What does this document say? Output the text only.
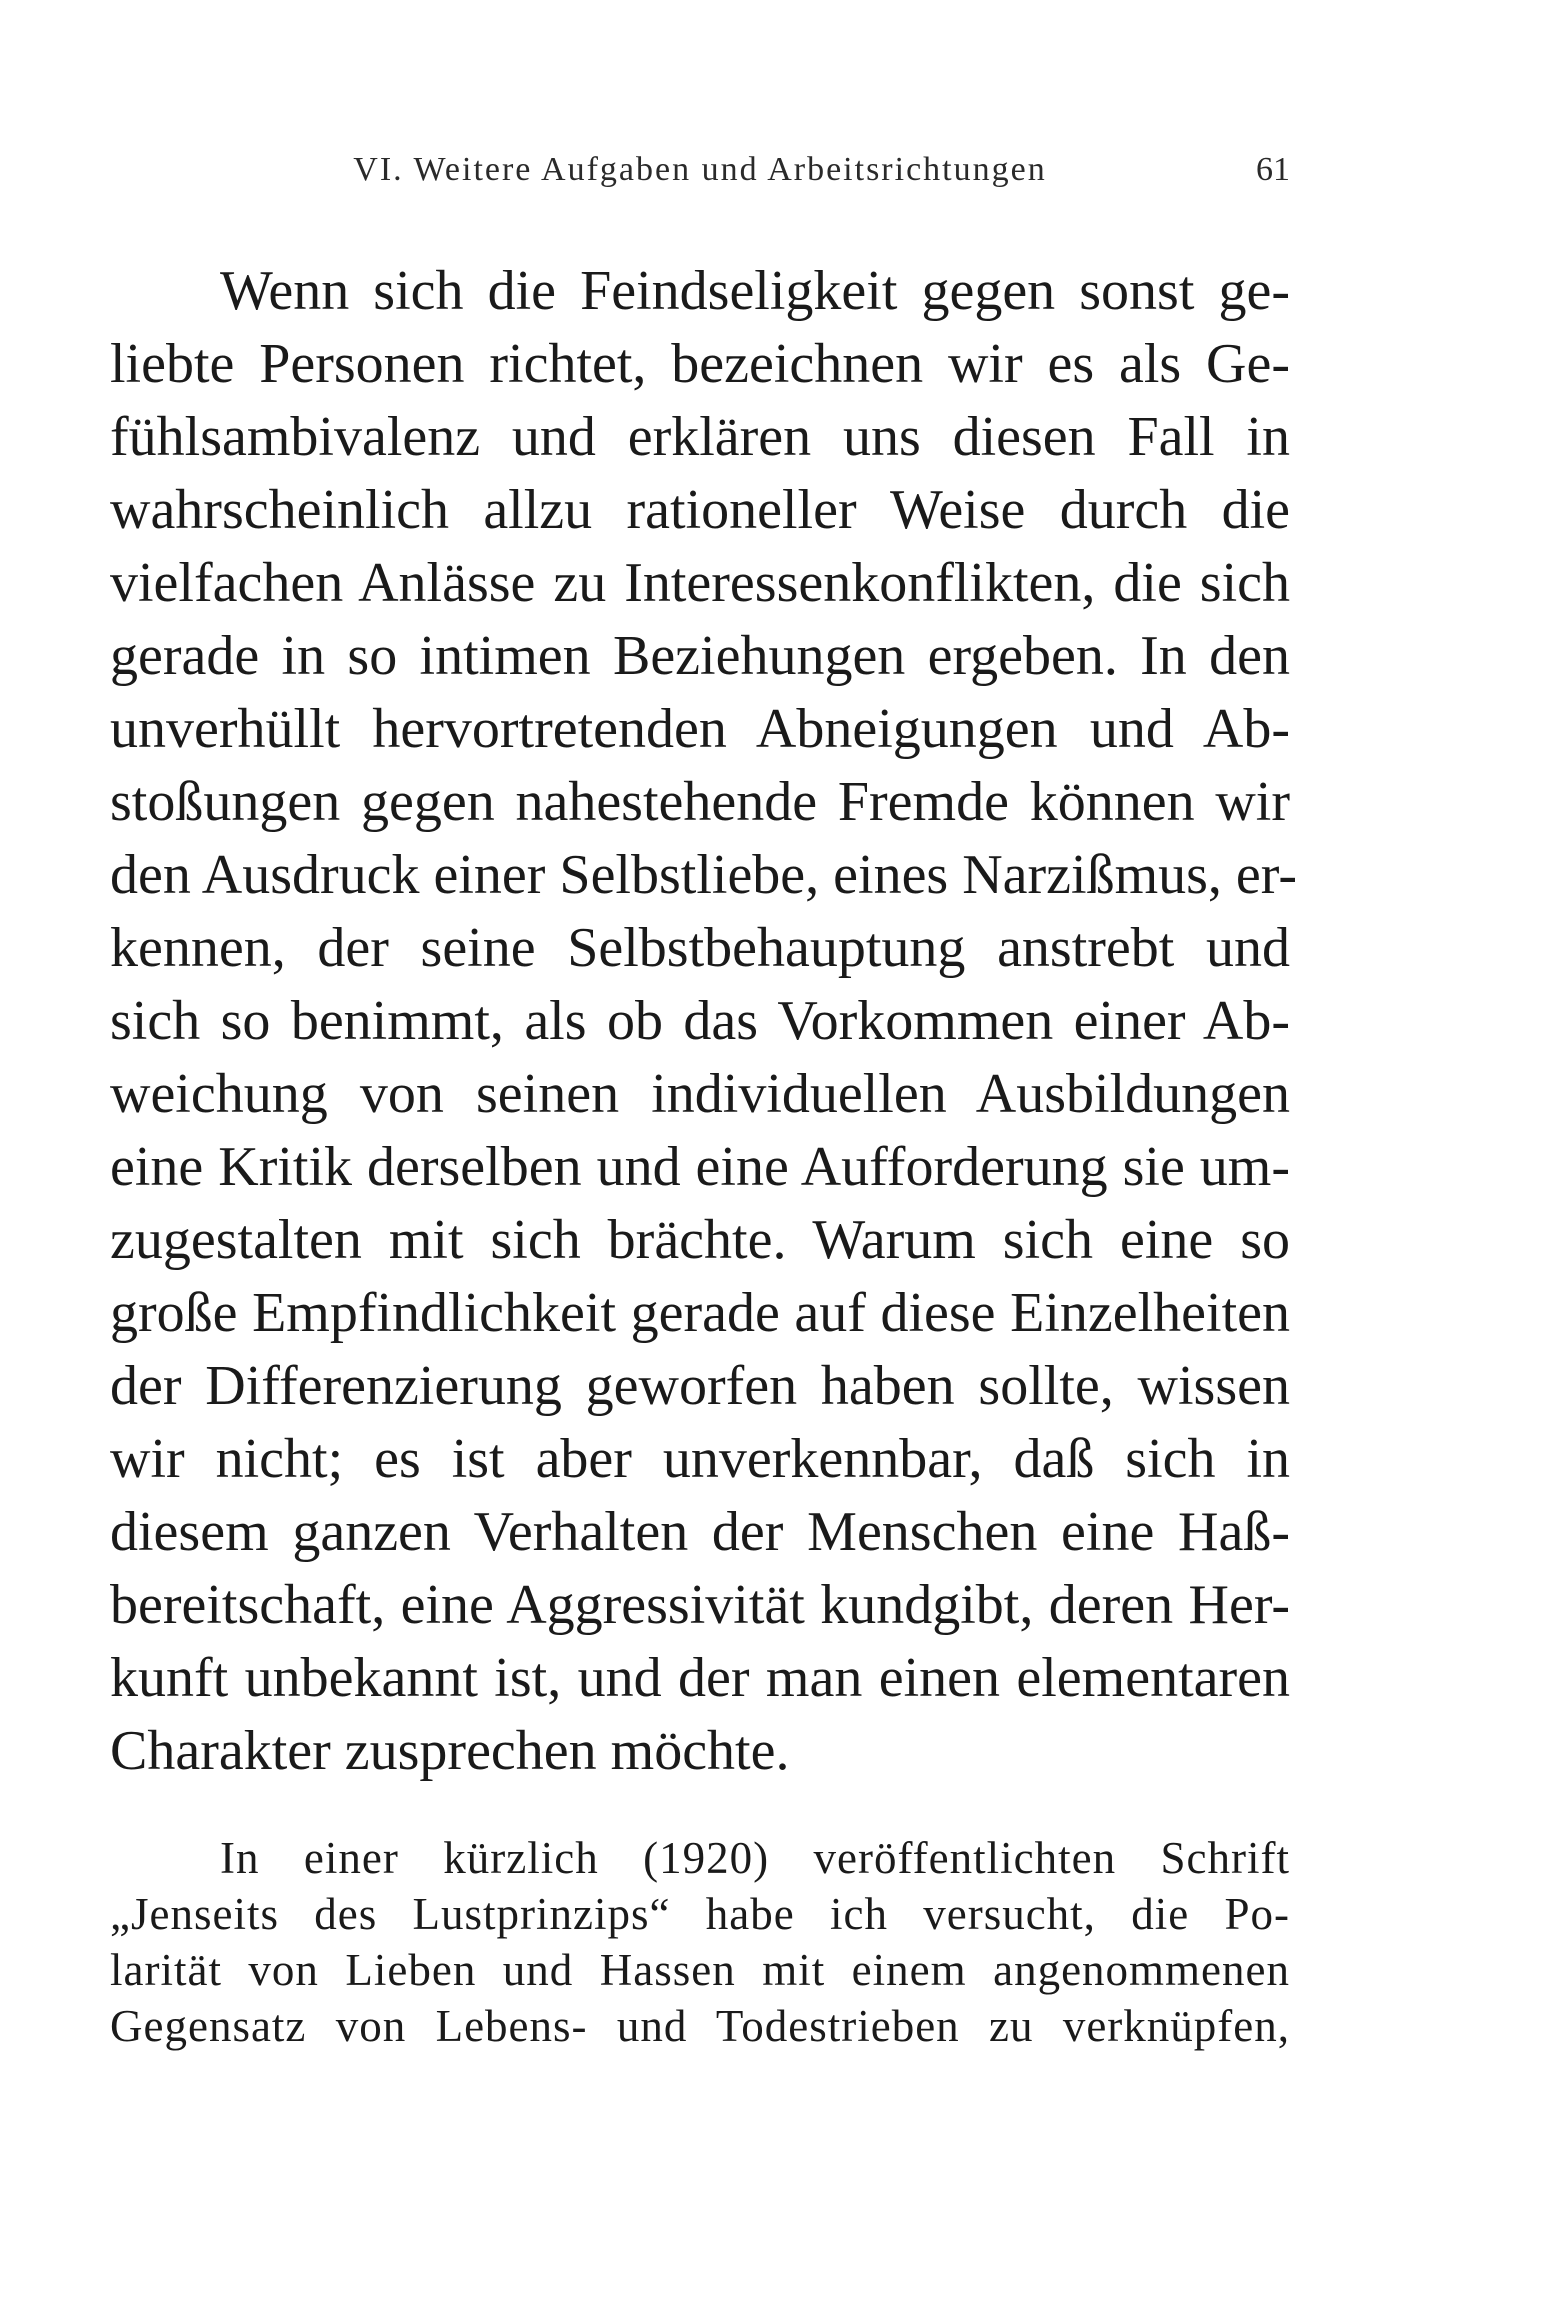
VI. Weitere Aufgaben und Arbeitsrichtungen	61
Wenn sich die Feindseligkeit gegen sonst ge-
liebte Personen richtet, bezeichnen wir es als Ge-
fühlsambivalenz und erklären uns diesen Fall in
wahrscheinlich allzu rationeller Weise durch die
vielfachen Anlässe zu Interessenkonflikten, die sich
gerade in so intimen Beziehungen ergeben. In den
unverhüllt hervortretenden Abneigungen und Ab-
stoßungen gegen nahestehende Fremde können wir
den Ausdruck einer Selbstliebe, eines Narzißmus, er-
kennen, der seine Selbstbehauptung anstrebt und
sich so benimmt, als ob das Vorkommen einer Ab-
weichung von seinen individuellen Ausbildungen
eine Kritik derselben und eine Aufforderung sie um-
zugestalten mit sich brächte. Warum sich eine so
große Empfindlichkeit gerade auf diese Einzelheiten
der Differenzierung geworfen haben sollte, wissen
wir nicht; es ist aber unverkennbar, daß sich in
diesem ganzen Verhalten der Menschen eine Haß-
bereitschaft, eine Aggressivität kundgibt, deren Her-
kunft unbekannt ist, und der man einen elementaren
Charakter zusprechen möchte.
In einer kürzlich (1920) veröffentlichten Schrift
„Jenseits des Lustprinzips“ habe ich versucht, die Po-
larität von Lieben und Hassen mit einem angenommenen
Gegensatz von Lebens- und Todestrieben zu verknüpfen,
